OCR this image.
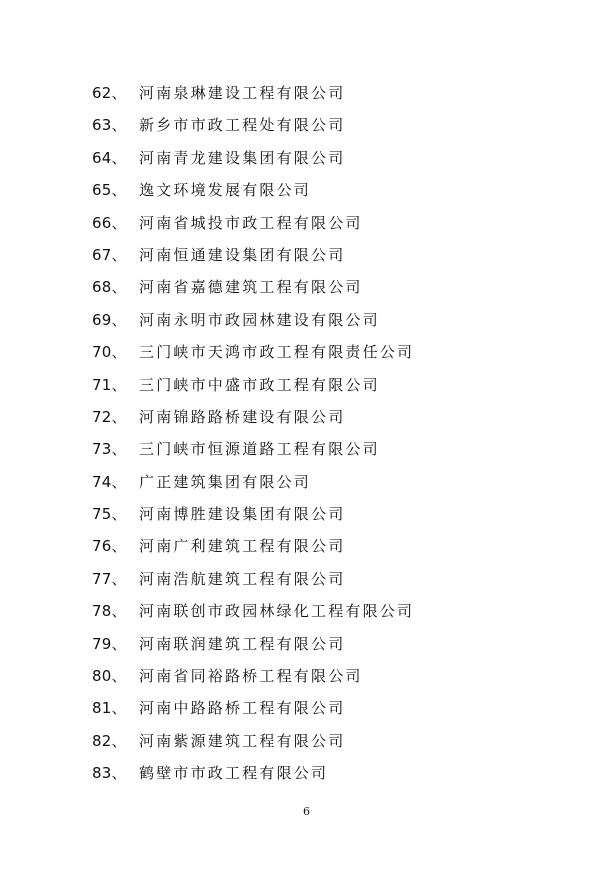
62、 河南泉琳建设工程有限公司
63、 新乡市市政工程处有限公司
64、 河南青龙建设集团有限公司
65、 逸文环境发展有限公司
66、 河南省城投市政工程有限公司
67、 河南恒通建设集团有限公司
68、 河南省嘉德建筑工程有限公司
69、 河南永明市政园林建设有限公司
70、 三门峡市天鸿市政工程有限责任公司
71、 三门峡市中盛市政工程有限公司
72、 河南锦路路桥建设有限公司
73、 三门峡市恒源道路工程有限公司
74、 广正建筑集团有限公司
75、 河南博胜建设集团有限公司
76、 河南广利建筑工程有限公司
77、 河南浩航建筑工程有限公司
78、 河南联创市政园林绿化工程有限公司
79、 河南联润建筑工程有限公司
80、 河南省同裕路桥工程有限公司
81、 河南中路路桥工程有限公司
82、 河南紫源建筑工程有限公司
83、 鹤壁市市政工程有限公司
6
